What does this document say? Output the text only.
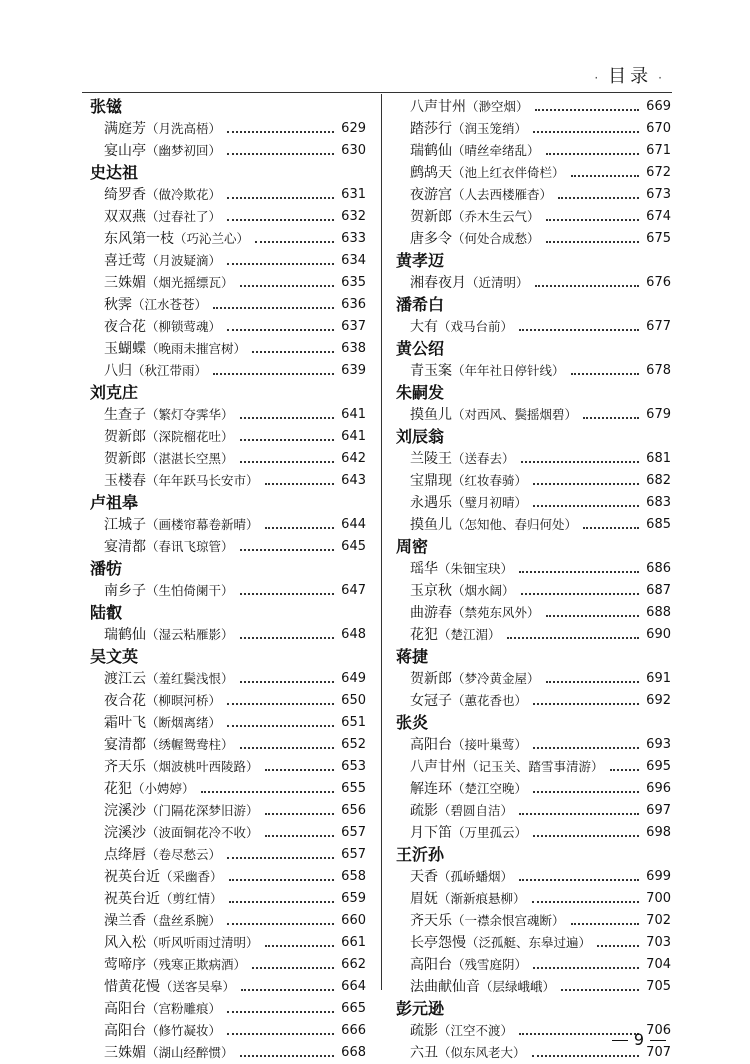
· 目录 ·
张镃
满庭芳 （月洗高梧）	629
宴山亭 （幽梦初回）	630
史达祖
绮罗香 （做冷欺花）	631
双双燕 （过春社了）	632
东风第一枝 （巧沁兰心）	633
喜迁莺 （月波疑滴）	634
三姝媚 （烟光摇缥瓦）	635
秋霁 （江水苍苍）	636
夜合花 （柳锁莺魂）	637
玉蝴蝶 （晚雨未摧宫树）	638
八归 （秋江带雨）	639
刘克庄
生查子 （繁灯夺霁华）	641
贺新郎 （深院榴花吐）	641
贺新郎 （湛湛长空黑）	642
玉楼春 （年年跃马长安市）	643
卢祖皋
江城子 （画楼帘幕卷新晴）	644
宴清都 （春讯飞琼管）	645
潘牥
南乡子 （生怕倚阑干）	647
陆叡
瑞鹤仙 （湿云粘雁影）	648
吴文英
渡江云 （羞红鬓浅恨）	649
夜合花 （柳暝河桥）	650
霜叶飞 （断烟离绪）	651
宴清都 （绣幄鸳鸯柱）	652
齐天乐 （烟波桃叶西陵路）	653
花犯 （小娉婷）	655
浣溪沙 （门隔花深梦旧游）	656
浣溪沙 （波面铜花冷不收）	657
点绛唇 （卷尽愁云）	657
祝英台近 （采幽香）	658
祝英台近 （剪红情）	659
澡兰香 （盘丝系腕）	660
风入松 （听风听雨过清明）	661
莺啼序 （残寒正欺病酒）	662
惜黄花慢 （送客吴皋）	664
高阳台 （宫粉雕痕）	665
高阳台 （修竹凝妆）	666
三姝媚 （湖山经醉惯）	668
八声甘州 （渺空烟）	669
踏莎行 （润玉笼绡）	670
瑞鹤仙 （晴丝牵绪乱）	671
鹧鸪天 （池上红衣伴倚栏）	672
夜游宫 （人去西楼雁杳）	673
贺新郎 （乔木生云气）	674
唐多令 （何处合成愁）	675
黄孝迈
湘春夜月 （近清明）	676
潘希白
大有 （戏马台前）	677
黄公绍
青玉案 （年年社日停针线）	678
朱嗣发
摸鱼儿 （对西风、鬓摇烟碧）	679
刘辰翁
兰陵王 （送春去）	681
宝鼎现 （红妆春骑）	682
永遇乐 （璧月初晴）	683
摸鱼儿 （怎知他、春归何处）	685
周密
瑶华 （朱钿宝玦）	686
玉京秋 （烟水阔）	687
曲游春 （禁苑东风外）	688
花犯 （楚江湄）	690
蒋捷
贺新郎 （梦冷黄金屋）	691
女冠子 （蕙花香也）	692
张炎
高阳台 （接叶巢莺）	693
八声甘州 （记玉关、踏雪事清游）	695
解连环 （楚江空晚）	696
疏影 （碧圆自洁）	697
月下笛 （万里孤云）	698
王沂孙
天香 （孤峤蟠烟）	699
眉妩 （渐新痕悬柳）	700
齐天乐 （一襟余恨宫魂断）	702
长亭怨慢 （泛孤艇、东皋过遍）	703
高阳台 （残雪庭阴）	704
法曲献仙音 （层绿峨峨）	705
彭元逊
疏影 （江空不渡）	706
六丑 （似东风老大）	707
9
